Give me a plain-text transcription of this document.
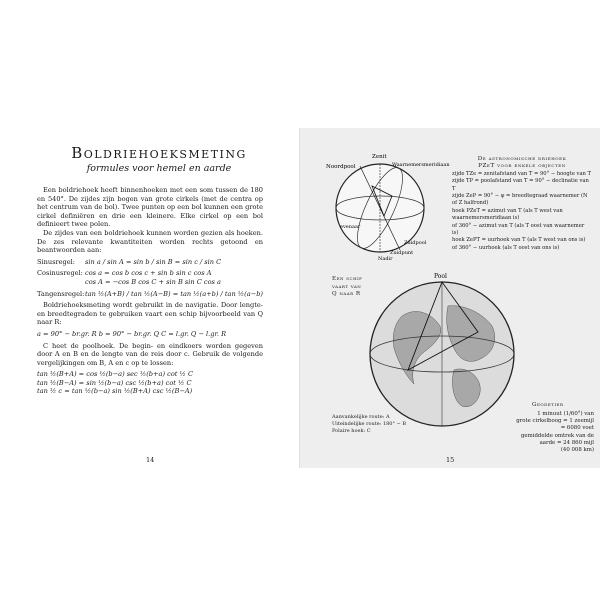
Boldriehoeksmeting
formules voor hemel en aarde

Een boldriehoek heeft binnenhoeken met een som tussen de 180 en 540°. De zijdes zijn bogen van grote cirkels (met de centra op het centrum van de bol). Twee punten op een bol kunnen een grote cirkel definiëren en drie een kleinere. Elke cirkel op een bol definieert twee polen.

De zijdes van een boldriehoek kunnen worden gezien als hoeken. De zes relevante kwantiteiten worden rechts getoond en beantwoorden aan:

Sinusregel:	sin a / sin A = sin b / sin B = sin c / sin C
Cosinusregel: cos a = cos b cos c + sin b sin c cos A
cos A = −cos B cos C + sin B sin C cos a
Tangensregel: tan ½(A+B) / tan ½(A−B) = tan ½(a+b) / tan ½(a−b)

Boldriehoeksmeting wordt gebruikt in de navigatie. Door lengte- en breedtegraden te gebruiken vaart een schip bijvoorbeeld van Q naar R:

a = 90° − br.gr. R b = 90° − br.gr. Q C = l.gr. Q − l.gr. R

C heet de poolhoek. De begin- en eindkoers worden gegeven door A en B en de lengte van de reis door c. Gebruik de volgende vergelijkingen om B, A en c op te lossen:

tan ½(B+A) = cos ½(b−a) sec ½(b+a) cot ½ C
tan ½(B−A) = sin ½(b−a) csc ½(b+a) cot ½ C
tan ½ c = tan ½(b−a) sin ½(B+A) csc ½(B−A)
14
Noordpool
Zenit
Waarnemersmeridiaan
evenaar
Zuidpool
Nadir
Zuidpunt
De astronomische driehoek
PZeT voor enkele objecten
zijde TZe = zenitafstand van T = 90° − hoogte van T
zijde TP = poolafstand van T = 90° − declinatie van T
zijde ZeP = 90° − φ = breedtegraad waarnemer (N of Z halfrond)
hoek PZeT = azimut van T (als T west van waarnemersmeridiaan is)
of 360° − azimut van T (als T oost van waarnemer is)
hoek ZePT = uurhoek van T (als T west van ons is)
of 360° − uurhoek (als T oost van ons is)
Pool
Een schip
vaart van
Q naar R
Aanvankelijke route: A
Uiteindelijke route: 180° − B
Polaire hoek: C
Geodetier
1 minuut (1/60°) van
grote cirkelboog = 1 zeemijl
= 6080 voet
gemiddelde omtrek van de aarde = 24 860 mijl
(40 008 km)
15
